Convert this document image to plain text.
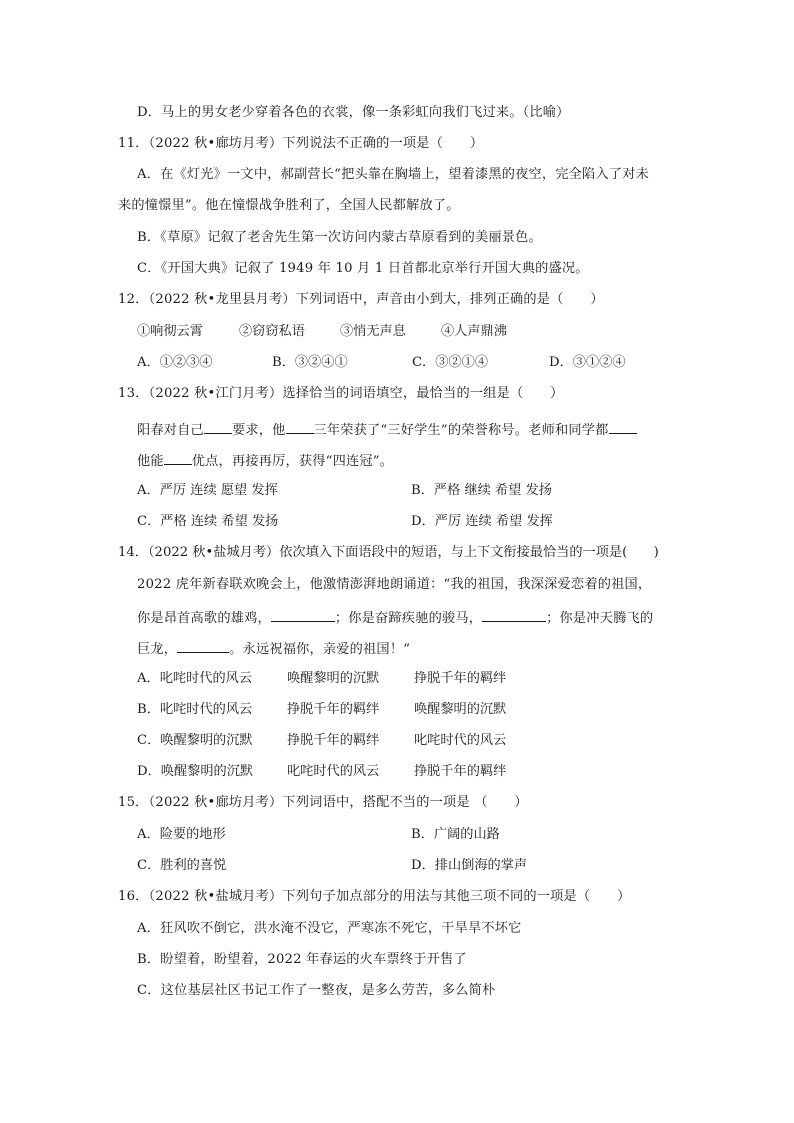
D．马上的男女老少穿着各色的衣裳，像一条彩虹向我们飞过来。（比喻）
11．（2022 秋•廊坊月考）下列说法不正确的一项是（　　）
A．在《灯光》一文中，郝副营长“把头靠在胸墙上，望着漆黑的夜空，完全陷入了对未
来的憧憬里”。他在憧憬战争胜利了，全国人民都解放了。
B．《草原》记叙了老舍先生第一次访问内蒙古草原看到的美丽景色。
C．《开国大典》记叙了 1949 年 10 月 1 日首都北京举行开国大典的盛况。
12．（2022 秋•龙里县月考）下列词语中，声音由小到大，排列正确的是（　　）
①响彻云霄	②窃窃私语	③悄无声息	④人声鼎沸
A．①②③④	B．③②④①	C．③②①④	D．③①②④
13．（2022 秋•江门月考）选择恰当的词语填空，最恰当的一组是（　　）
阳春对自己 要求，他 三年荣获了“三好学生”的荣誉称号。老师和同学都
他能 优点，再接再厉，获得“四连冠”。
A．严厉 连续 愿望 发挥	B．严格 继续 希望 发扬
C．严格 连续 希望 发扬	D．严厉 连续 希望 发挥
14．（2022 秋•盐城月考）依次填入下面语段中的短语，与上下文衔接最恰当的一项是(　　)
2022 虎年新春联欢晚会上，他激情澎湃地朗诵道：“我的祖国，我深深爱恋着的祖国，
你是昂首高歌的雄鸡，	；你是奋蹄疾驰的骏马，	；你是冲天腾飞的
巨龙，	。永远祝福你，亲爱的祖国！”
A．叱咤时代的风云	唤醒黎明的沉默	挣脱千年的羁绊
B．叱咤时代的风云	挣脱千年的羁绊	唤醒黎明的沉默
C．唤醒黎明的沉默	挣脱千年的羁绊	叱咤时代的风云
D．唤醒黎明的沉默	叱咤时代的风云	挣脱千年的羁绊
15．（2022 秋•廊坊月考）下列词语中，搭配不当的一项是 （　　）
A．险要的地形	B．广阔的山路
C．胜利的喜悦	D．排山倒海的掌声
16．（2022 秋•盐城月考）下列句子加点部分的用法与其他三项不同的一项是（　　）
A．狂风吹不倒它，洪水淹不没它，严寒冻不死它，干旱旱不坏它
B．盼望着，盼望着，2022 年春运的火车票终于开售了
C．这位基层社区书记工作了一整夜，是多么劳苦，多么简朴
